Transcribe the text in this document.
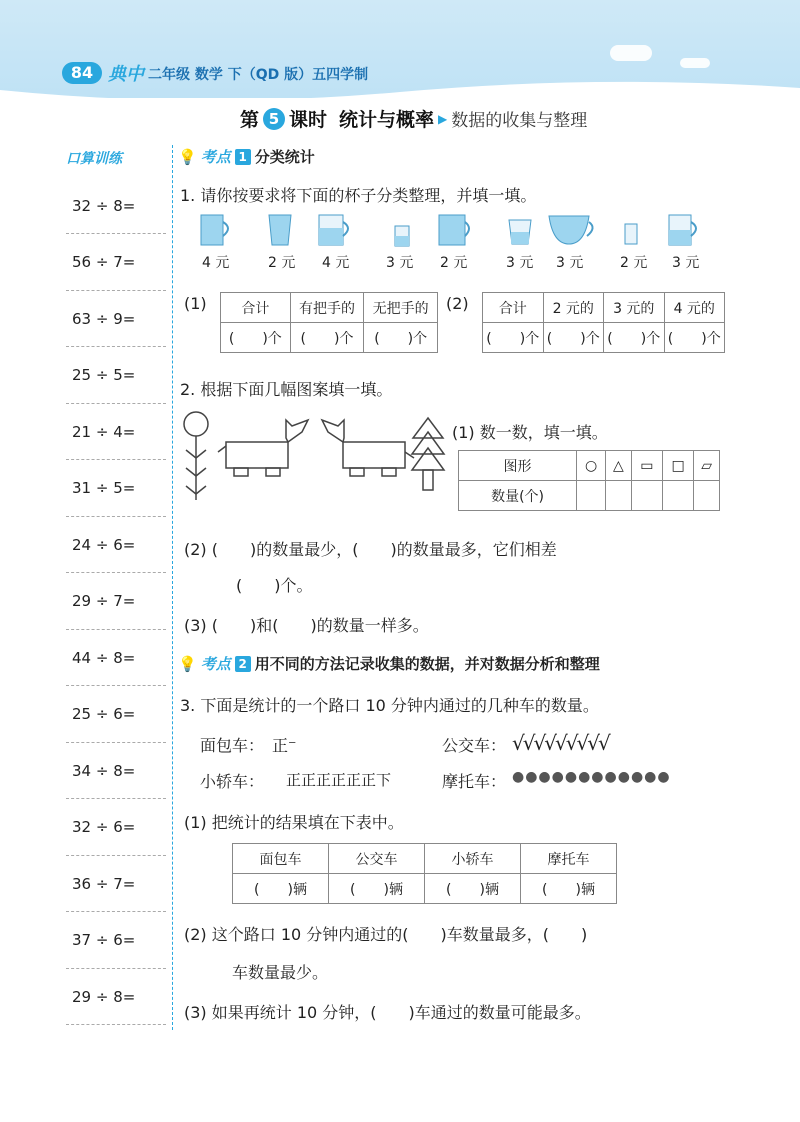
84 典中 二年级 数学 下（QD 版）五四学制
第 5 课时 统计与概率 ▶ 数据的收集与整理
口算训练
32 ÷ 8=
56 ÷ 7=
63 ÷ 9=
25 ÷ 5=
21 ÷ 4=
31 ÷ 5=
24 ÷ 6=
29 ÷ 7=
44 ÷ 8=
25 ÷ 6=
34 ÷ 8=
32 ÷ 6=
36 ÷ 7=
37 ÷ 6=
29 ÷ 8=
💡 考点 1 分类统计
1. 请你按要求将下面的杯子分类整理，并填一填。
4 元	2 元 4 元	3 元 2 元	3 元 3 元	2 元 3 元
(1) 合计	有把手的	无把手的
(　　)个	(　　)个	(　　)个
(2) 合计	2 元的	3 元的	4 元的
(　　)个	(　　)个	(　　)个	(　　)个
2. 根据下面几幅图案填一填。
(1) 数一数，填一填。
图形	○	△	▭	□	▱
数量(个)					
(2) (　　)的数量最少，(　　)的数量最多，它们相差
(　　)个。
(3) (　　)和(　　)的数量一样多。
💡 考点 2 用不同的方法记录收集的数据，并对数据分析和整理
3. 下面是统计的一个路口 10 分钟内通过的几种车的数量。
面包车： 正⁻	公交车： √√√√√√√√√
小轿车： 正正正正正正下	摩托车： ●●●●●●●●●●●●
(1) 把统计的结果填在下表中。
面包车	公交车	小轿车	摩托车
(　　)辆	(　　)辆	(　　)辆	(　　)辆
(2) 这个路口 10 分钟内通过的(　　)车数量最多，(　　)
车数量最少。
(3) 如果再统计 10 分钟，(　　)车通过的数量可能最多。
